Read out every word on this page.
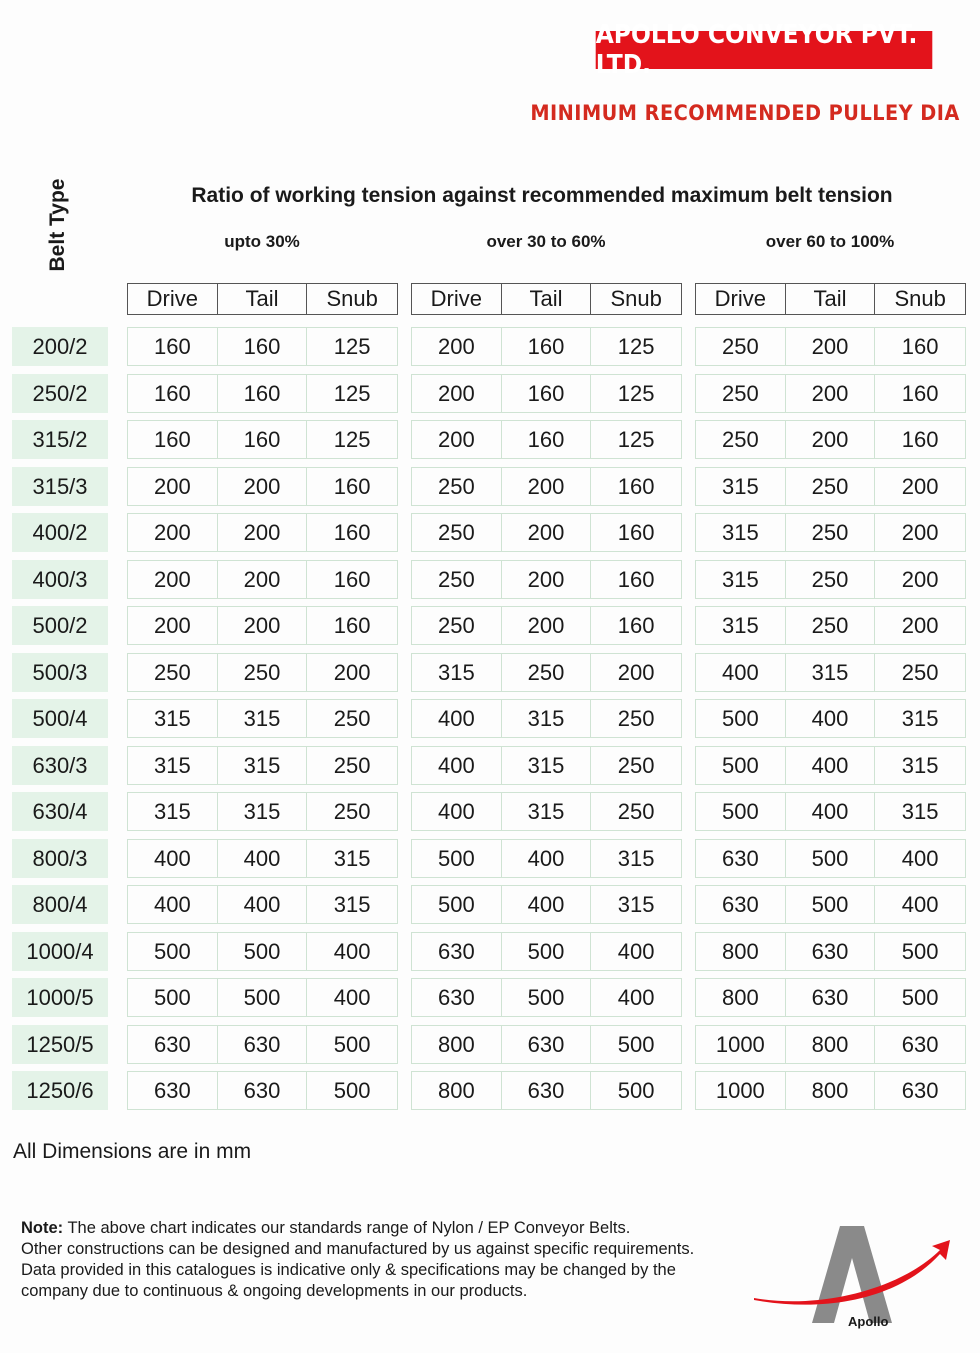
APOLLO CONVEYOR PVT. LTD.
MINIMUM RECOMMENDED PULLEY DIA
Belt Type	Ratio of working tension against recommended maximum belt tension
upto 30%
Drive	Tail	Snub
over 30 to 60%
Drive	Tail	Snub
over 60 to 100%
Drive	Tail	Snub
200/2	160	160	125	200	160	125	250	200	160
250/2	160	160	125	200	160	125	250	200	160
315/2	160	160	125	200	160	125	250	200	160
315/3	200	200	160	250	200	160	315	250	200
400/2	200	200	160	250	200	160	315	250	200
400/3	200	200	160	250	200	160	315	250	200
500/2	200	200	160	250	200	160	315	250	200
500/3	250	250	200	315	250	200	400	315	250
500/4	315	315	250	400	315	250	500	400	315
630/3	315	315	250	400	315	250	500	400	315
630/4	315	315	250	400	315	250	500	400	315
800/3	400	400	315	500	400	315	630	500	400
800/4	400	400	315	500	400	315	630	500	400
1000/4	500	500	400	630	500	400	800	630	500
1000/5	500	500	400	630	500	400	800	630	500
1250/5	630	630	500	800	630	500	1000	800	630
1250/6	630	630	500	800	630	500	1000	800	630
All Dimensions are in mm
Note: The above chart indicates our standards range of Nylon / EP Conveyor Belts.
Other constructions can be designed and manufactured by us against specific requirements.
Data provided in this catalogues is indicative only & specifications may be changed by the
company due to continuous & ongoing developments in our products.
Apollo
